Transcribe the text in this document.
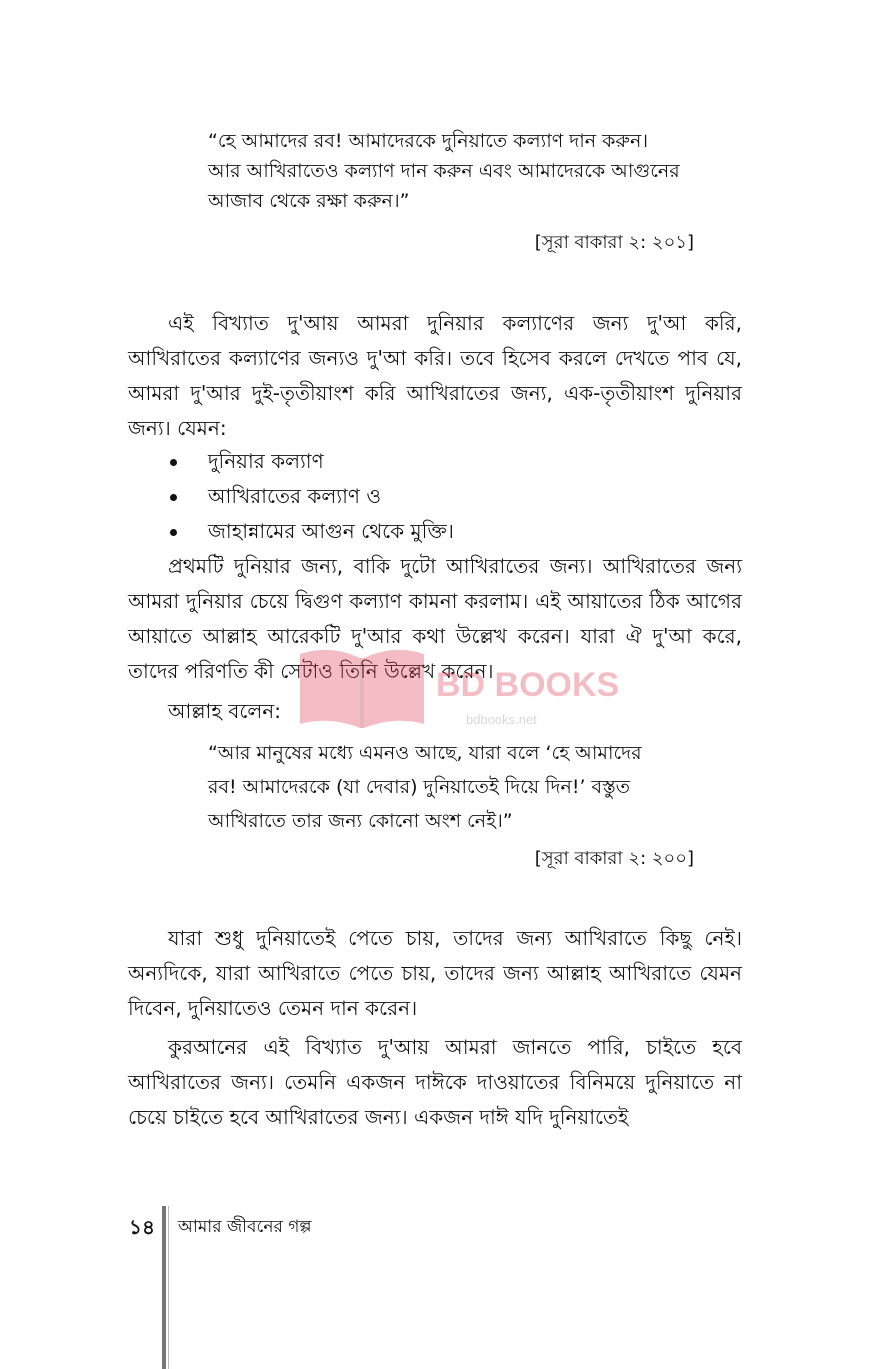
“হে আমাদের রব! আমাদেরকে দুনিয়াতে কল্যাণ দান করুন।

আর আখিরাতেও কল্যাণ দান করুন এবং আমাদেরকে আগুনের

আজাব থেকে রক্ষা করুন।”

[সূরা বাকারা ২: ২০১]

এই বিখ্যাত দু'আয় আমরা দুনিয়ার কল্যাণের জন্য দু'আ করি, আখিরাতের কল্যাণের জন্যও দু'আ করি। তবে হিসেব করলে দেখতে পাব যে, আমরা দু'আর দুই-তৃতীয়াংশ করি আখিরাতের জন্য, এক-তৃতীয়াংশ দুনিয়ার জন্য। যেমন:

দুনিয়ার কল্যাণ
আখিরাতের কল্যাণ ও
জাহান্নামের আগুন থেকে মুক্তি।

প্রথমটি দুনিয়ার জন্য, বাকি দুটো আখিরাতের জন্য। আখিরাতের জন্য আমরা দুনিয়ার চেয়ে দ্বিগুণ কল্যাণ কামনা করলাম। এই আয়াতের ঠিক আগের আয়াতে আল্লাহ আরেকটি দু'আর কথা উল্লেখ করেন। যারা ঐ দু'আ করে, তাদের পরিণতি কী সেটাও তিনি উল্লেখ করেন।

আল্লাহ বলেন:

“আর মানুষের মধ্যে এমনও আছে, যারা বলে ‘হে আমাদের

রব! আমাদেরকে (যা দেবার) দুনিয়াতেই দিয়ে দিন!’ বস্তুত

আখিরাতে তার জন্য কোনো অংশ নেই।”

[সূরা বাকারা ২: ২০০]

যারা শুধু দুনিয়াতেই পেতে চায়, তাদের জন্য আখিরাতে কিছু নেই। অন্যদিকে, যারা আখিরাতে পেতে চায়, তাদের জন্য আল্লাহ আখিরাতে যেমন দিবেন, দুনিয়াতেও তেমন দান করেন।

কুরআনের এই বিখ্যাত দু'আয় আমরা জানতে পারি, চাইতে হবে আখিরাতের জন্য। তেমনি একজন দাঈকে দাওয়াতের বিনিময়ে দুনিয়াতে না চেয়ে চাইতে হবে আখিরাতের জন্য। একজন দাঈ যদি দুনিয়াতেই

BD BOOKS
bdbooks.net
১৪ আমার জীবনের গল্প
